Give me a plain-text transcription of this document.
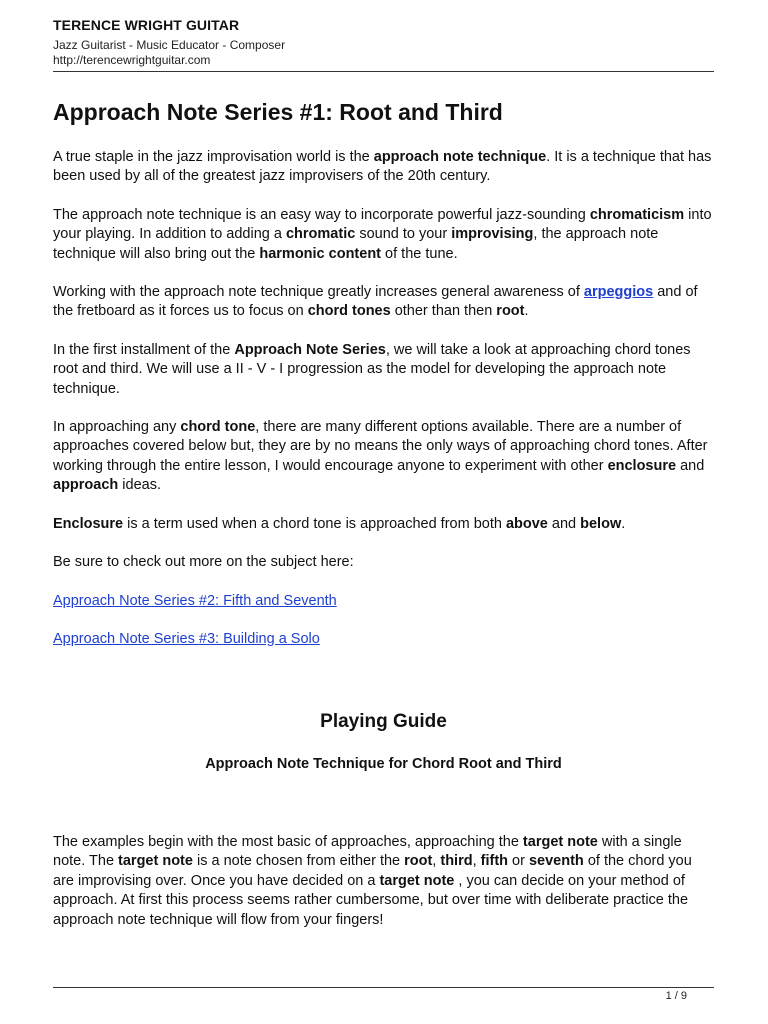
TERENCE WRIGHT GUITAR
Jazz Guitarist - Music Educator - Composer
http://terencewrightguitar.com
Approach Note Series #1: Root and Third

A true staple in the jazz improvisation world is the approach note technique. It is a technique that has been used by all of the greatest jazz improvisers of the 20th century.

The approach note technique is an easy way to incorporate powerful jazz-sounding chromaticism into your playing. In addition to adding a chromatic sound to your improvising, the approach note technique will also bring out the harmonic content of the tune.

Working with the approach note technique greatly increases general awareness of arpeggios and of the fretboard as it forces us to focus on chord tones other than then root.

In the first installment of the Approach Note Series, we will take a look at approaching chord tones root and third. We will use a II - V - I progression as the model for developing the approach note technique.

In approaching any chord tone, there are many different options available. There are a number of approaches covered below but, they are by no means the only ways of approaching chord tones. After working through the entire lesson, I would encourage anyone to experiment with other enclosure and approach ideas.

Enclosure is a term used when a chord tone is approached from both above and below.

Be sure to check out more on the subject here:

Approach Note Series #2: Fifth and Seventh

Approach Note Series #3: Building a Solo

Playing Guide
Approach Note Technique for Chord Root and Third

The examples begin with the most basic of approaches, approaching the target note with a single note. The target note is a note chosen from either the root, third, fifth or seventh of the chord you are improvising over. Once you have decided on a target note , you can decide on your method of approach. At first this process seems rather cumbersome, but over time with deliberate practice the approach note technique will flow from your fingers!

1 / 9
